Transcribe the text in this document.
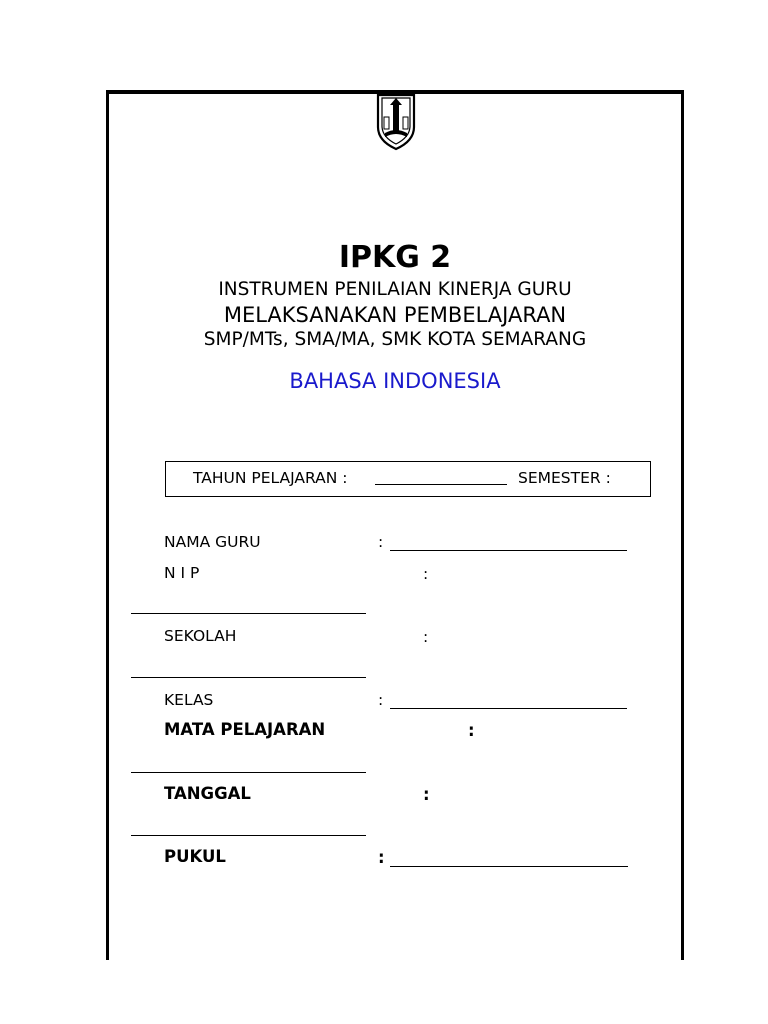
IPKG 2
INSTRUMEN PENILAIAN KINERJA GURU
MELAKSANAKAN PEMBELAJARAN
SMP/MTs, SMA/MA, SMK KOTA SEMARANG
BAHASA INDONESIA
TAHUN PELAJARAN :	SEMESTER :
NAMA GURU	:
N I P	:
SEKOLAH	:
KELAS	:
MATA PELAJARAN	:
TANGGAL	:
PUKUL	:
